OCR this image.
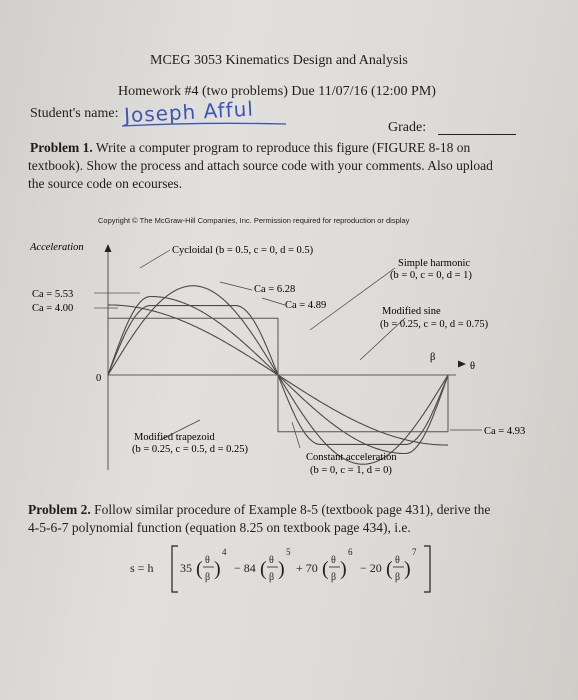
MCEG 3053 Kinematics Design and Analysis
Homework #4 (two problems) Due 11/07/16 (12:00 PM)
Student's name: Joseph Afful
Grade:
Problem 1. Write a computer program to reproduce this figure (FIGURE 8-18 on
textbook). Show the process and attach source code with your comments. Also upload
the source code on ecourses.
Copyright © The McGraw-Hill Companies, Inc. Permission required for reproduction or display
Acceleration
θ
β
0
Cycloidal (b = 0.5, c = 0, d = 0.5)
Simple harmonic
(b = 0, c = 0, d = 1)
Modified sine
(b = 0.25, c = 0, d = 0.75)
Modified trapezoid
(b = 0.25, c = 0.5, d = 0.25)
Constant acceleration
(b = 0, c = 1, d = 0)
Ca = 5.53
Ca = 4.00
Ca = 6.28
Ca = 4.89
Ca = 4.93
Problem 2. Follow similar procedure of Example 8-5 (textbook page 431), derive the
4-5-6-7 polynomial function (equation 8.25 on textbook page 434), i.e.
s = h 35 ( θ
β )
4
− 84 ( θ
β )
5
+ 70 ( θ
β )
6
− 20 ( θ
β )
7
